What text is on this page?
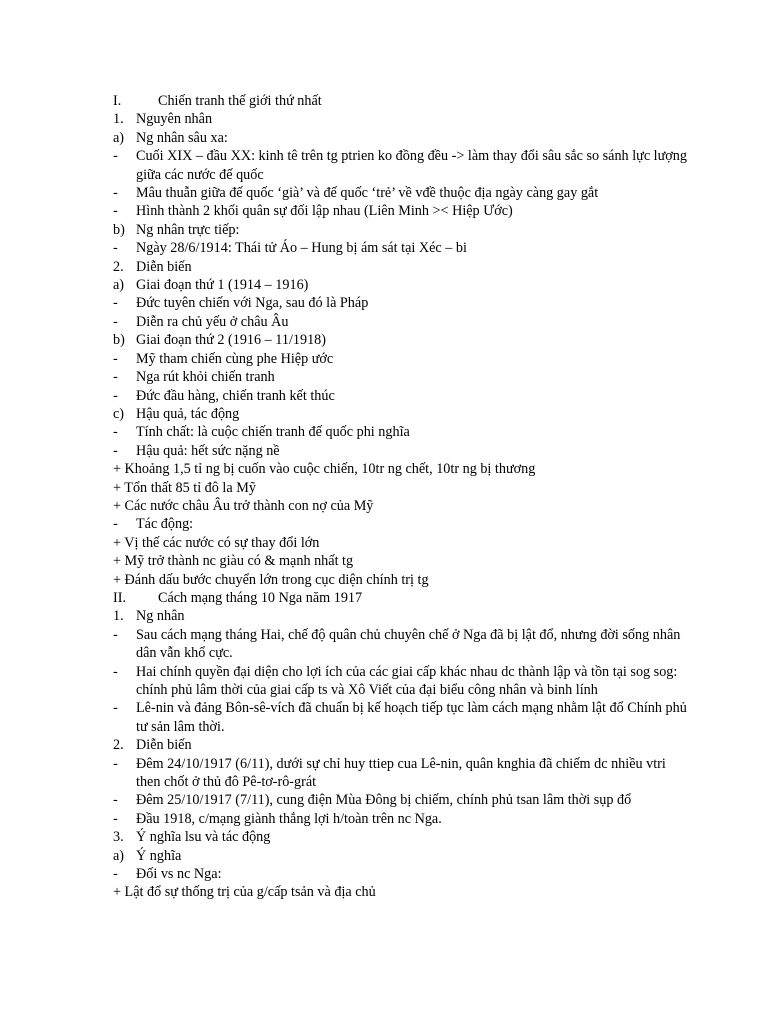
I.	Chiến tranh thế giới thứ nhất
1. Nguyên nhân
a) Ng nhân sâu xa:
-	Cuối XIX – đầu XX: kinh tê trên tg ptrien ko đồng đều -> làm thay đổi sâu sắc so sánh lực lượng giữa các nước đế quốc
-	Mâu thuẫn giữa đế quốc ‘già’ và đế quốc ‘trẻ’ về vđề thuộc địa ngày càng gay gắt
-	Hình thành 2 khối quân sự đối lập nhau (Liên Minh >< Hiệp Ước)
b) Ng nhân trực tiếp:
-	Ngày 28/6/1914: Thái tử Áo – Hung bị ám sát tại Xéc – bi
2. Diễn biến
a) Giai đoạn thứ 1 (1914 – 1916)
-	Đức tuyên chiến với Nga, sau đó là Pháp
-	Diễn ra chủ yếu ở châu Âu
b) Giai đoạn thứ 2 (1916 – 11/1918)
-	Mỹ tham chiến cùng phe Hiệp ước
-	Nga rút khỏi chiến tranh
-	Đức đầu hàng, chiến tranh kết thúc
c) Hậu quả, tác động
-	Tính chất: là cuộc chiến tranh đế quốc phi nghĩa
-	Hậu quả: hết sức nặng nề
+ Khoảng 1,5 tỉ ng bị cuốn vào cuộc chiến, 10tr ng chết, 10tr ng bị thương
+ Tổn thất 85 tỉ đô la Mỹ
+ Các nước châu Âu trở thành con nợ của Mỹ
-	Tác động:
+ Vị thế các nước có sự thay đổi lớn
+ Mỹ trở thành nc giàu có & mạnh nhất tg
+ Đánh dấu bước chuyển lớn trong cục diện chính trị tg
II.	Cách mạng tháng 10 Nga năm 1917
1. Ng nhân
-	Sau cách mạng tháng Hai, chế độ quân chủ chuyên chế ở Nga đã bị lật đổ, nhưng đời sống nhân dân vẫn khổ cực.
-	Hai chính quyền đại diện cho lợi ích của các giai cấp khác nhau dc thành lập và tồn tại sog sog: chính phủ lâm thời của giai cấp ts và Xô Viết của đại biểu công nhân và binh lính
-	Lê-nin và đảng Bôn-sê-vích đã chuẩn bị kế hoạch tiếp tục làm cách mạng nhằm lật đổ Chính phủ tư sản lâm thời.
2. Diễn biến
-	Đêm 24/10/1917 (6/11), dưới sự chỉ huy ttiep cua Lê-nin, quân knghia đã chiếm dc nhiều vtri then chốt ở thủ đô Pê-tơ-rô-grát
-	Đêm 25/10/1917 (7/11), cung điện Mùa Đông bị chiếm, chính phủ tsan lâm thời sụp đổ
-	Đầu 1918, c/mạng giành thắng lợi h/toàn trên nc Nga.
3. Ý nghĩa lsu và tác động
a) Ý nghĩa
-	Đối vs nc Nga:
+ Lật đổ sự thống trị của g/cấp tsản và địa chủ
